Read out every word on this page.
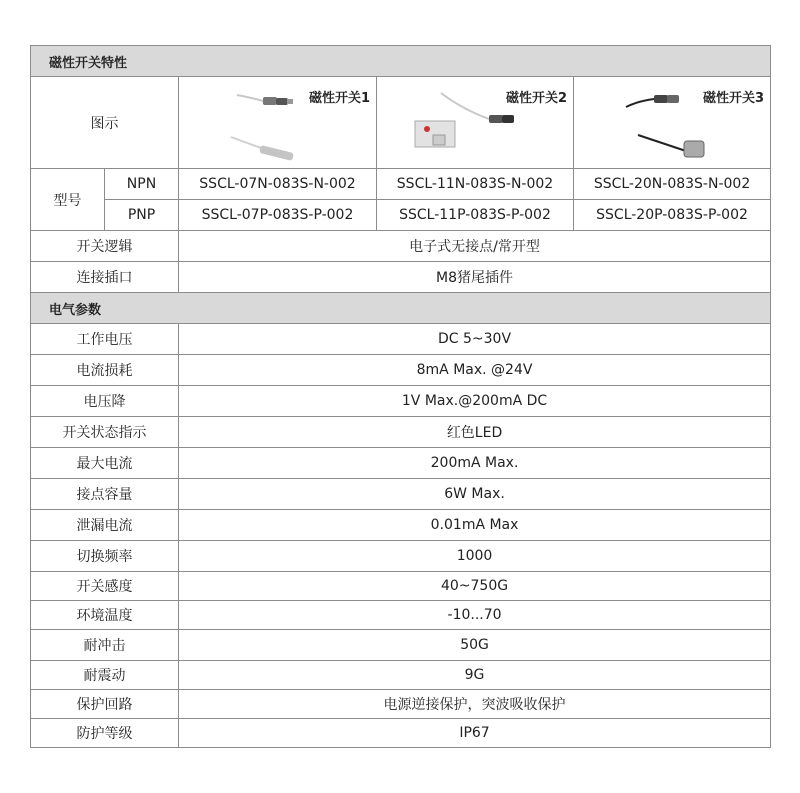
磁性开关特性				
图示		磁性开关1	磁性开关2	磁性开关3

型号	NPN	SSCL-07N-083S-N-002	SSCL-11N-083S-N-002	SSCL-20N-083S-N-002
	PNP	SSCL-07P-083S-P-002	SSCL-11P-083S-P-002	SSCL-20P-083S-P-002
开关逻辑		电子式无接点/常开型		
连接插口		M8猪尾插件		
电气参数				
工作电压		DC 5~30V		
电流损耗		8mA Max. @24V		
电压降		1V Max.@200mA DC		
开关状态指示		红色LED		
最大电流		200mA Max.		
接点容量		6W Max.		
泄漏电流		0.01mA Max		
切换频率		1000		
开关感度		40~750G		
环境温度		-10...70		
耐冲击		50G		
耐震动		9G		
保护回路		电源逆接保护，突波吸收保护		
防护等级		IP67		
